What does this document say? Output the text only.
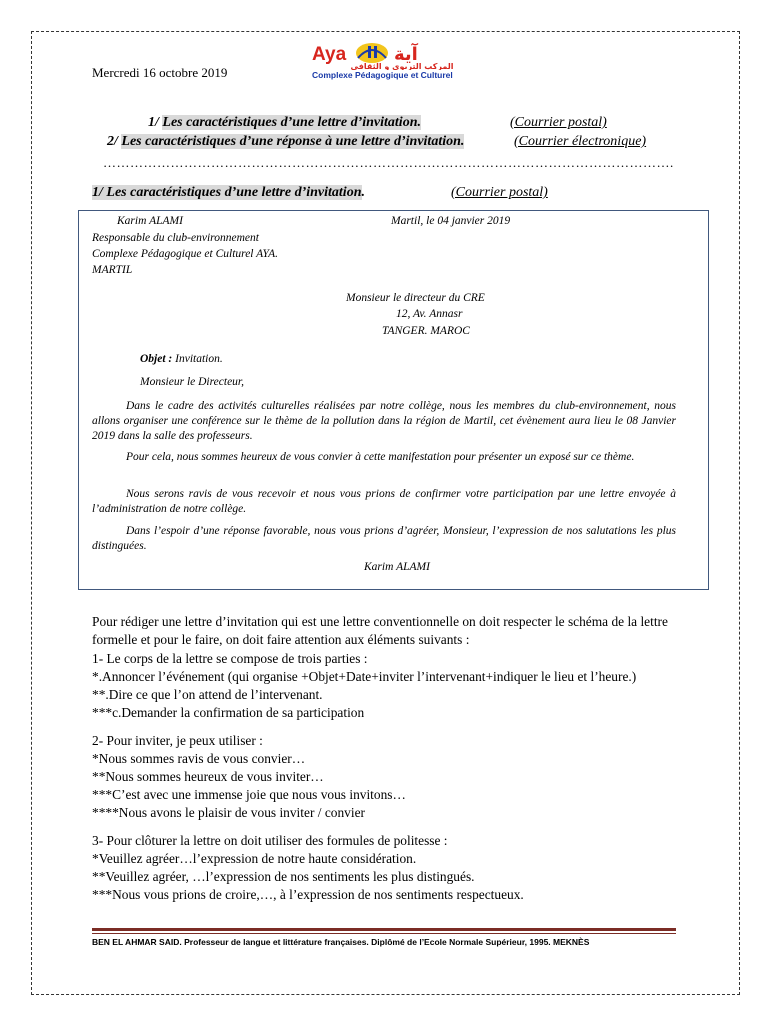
Mercredi 16 octobre 2019
Aya	آية
المركب التربوي و الثقافي
Complexe Pédagogique et Culturel
1/ Les caractéristiques d’une lettre d’invitation.	(Courrier postal)
2/ Les caractéristiques d’une réponse à une lettre d’invitation.	(Courrier électronique)
……………………………………………………………………………………………………………….
1/ Les caractéristiques d’une lettre d’invitation.	(Courrier postal)
Karim ALAMI	Martil, le 04 janvier 2019
Responsable du club-environnement
Complexe Pédagogique et Culturel AYA.
MARTIL
Monsieur le directeur du CRE
12, Av. Annasr
TANGER. MAROC
Objet : Invitation.
Monsieur le Directeur,
Dans le cadre des activités culturelles réalisées par notre collège, nous les membres du club-environnement, nous allons organiser une conférence sur le thème de la pollution dans la région de Martil, cet évènement aura lieu le 08 Janvier 2019 dans la salle des professeurs.
Pour cela, nous sommes heureux de vous convier à cette manifestation pour présenter un exposé sur ce thème.
Nous serons ravis de vous recevoir et nous vous prions de confirmer votre participation par une lettre envoyée à l’administration de notre collège.
Dans l’espoir d’une réponse favorable, nous vous prions d’agréer, Monsieur, l’expression de nos salutations les plus distinguées.
Karim ALAMI

Pour rédiger une lettre d’invitation qui est une lettre conventionnelle on doit respecter le schéma de la lettre formelle et pour le faire, on doit faire attention aux éléments suivants :

1- Le corps de la lettre se compose de trois parties :

*.Annoncer l’événement (qui organise +Objet+Date+inviter l’intervenant+indiquer le lieu et l’heure.)

**.Dire ce que l’on attend de l’intervenant.

***c.Demander la confirmation de sa participation

2- Pour inviter, je peux utiliser :

*Nous sommes ravis de vous convier…

**Nous sommes heureux de vous inviter…

***C’est avec une immense joie que nous vous invitons…

****Nous avons le plaisir de vous inviter / convier

3- Pour clôturer la lettre on doit utiliser des formules de politesse :

*Veuillez agréer…l’expression de notre haute considération.

**Veuillez agréer, …l’expression de nos sentiments les plus distingués.

***Nous vous prions de croire,…, à l’expression de nos sentiments respectueux.

BEN EL AHMAR SAID. Professeur de langue et littérature françaises. Diplômé de l’Ecole Normale Supérieur, 1995. MEKNÈS
